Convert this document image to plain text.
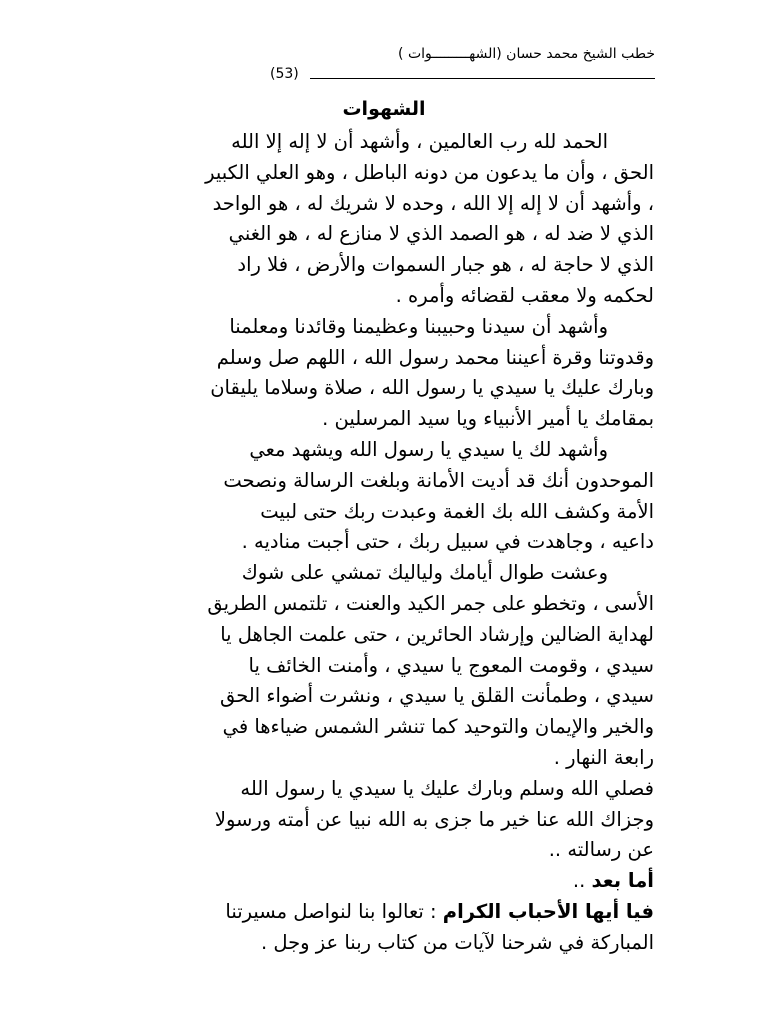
خطب الشيخ محمد حسان (الشهـــــــــوات )
(53)
الشهوات
الحمد لله رب العالمين ، وأشهد أن لا إله إلا الله
الحق ، وأن ما يدعون من دونه الباطل ، وهو العلي الكبير
، وأشهد أن لا إله إلا الله ، وحده لا شريك له ، هو الواحد
الذي لا ضد له ، هو الصمد الذي لا منازع له ، هو الغني
الذي لا حاجة له ، هو جبار السموات والأرض ، فلا راد
لحكمه ولا معقب لقضائه وأمره .
وأشهد أن سيدنا وحبيبنا وعظيمنا وقائدنا ومعلمنا
وقدوتنا وقرة أعيننا محمد رسول الله ، اللهم صل وسلم
وبارك عليك يا سيدي يا رسول الله ، صلاة وسلاما يليقان
بمقامك يا أمير الأنبياء ويا سيد المرسلين .
وأشهد لك يا سيدي يا رسول الله ويشهد معي
الموحدون أنك قد أديت الأمانة وبلغت الرسالة ونصحت
الأمة وكشف الله بك الغمة وعبدت ربك حتى لبيت
داعيه ، وجاهدت في سبيل ربك ، حتى أجبت مناديه .
وعشت طوال أيامك ولياليك تمشي على شوك
الأسى ، وتخطو على جمر الكيد والعنت ، تلتمس الطريق
لهداية الضالين وإرشاد الحائرين ، حتى علمت الجاهل يا
سيدي ، وقومت المعوج يا سيدي ، وأمنت الخائف يا
سيدي ، وطمأنت القلق يا سيدي ، ونشرت أضواء الحق
والخير والإيمان والتوحيد كما تنشر الشمس ضياءها في
رابعة النهار .
فصلي الله وسلم وبارك عليك يا سيدي يا رسول الله
وجزاك الله عنا خير ما جزى به الله نبيا عن أمته ورسولا
عن رسالته ..
أما بعد ..
فيا أيها الأحباب الكرام : تعالوا بنا لنواصل مسيرتنا
المباركة في شرحنا لآيات من كتاب ربنا عز وجل .
